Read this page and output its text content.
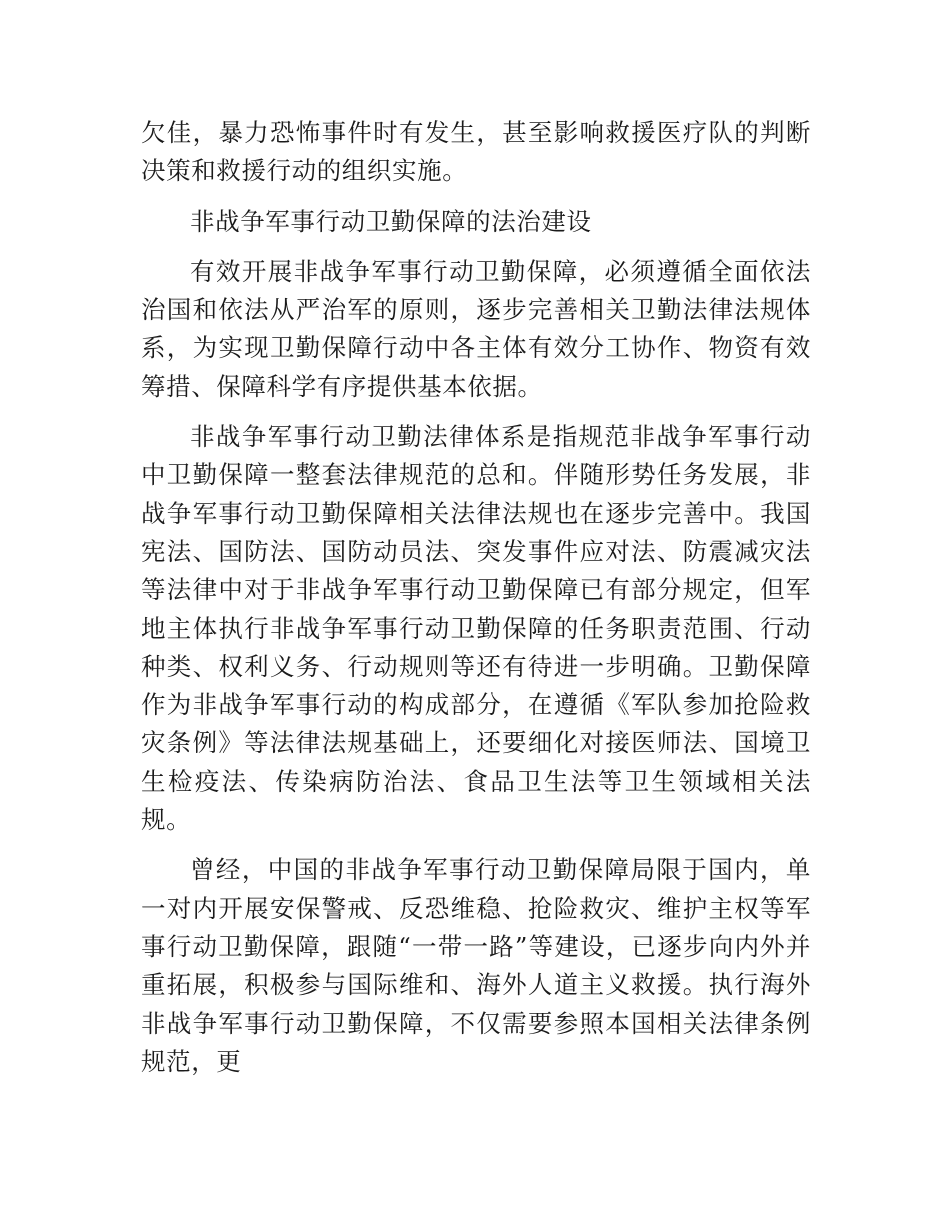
欠佳，暴力恐怖事件时有发生，甚至影响救援医疗队的判断决策和救援行动的组织实施。

非战争军事行动卫勤保障的法治建设

有效开展非战争军事行动卫勤保障，必须遵循全面依法治国和依法从严治军的原则，逐步完善相关卫勤法律法规体系，为实现卫勤保障行动中各主体有效分工协作、物资有效筹措、保障科学有序提供基本依据。

非战争军事行动卫勤法律体系是指规范非战争军事行动中卫勤保障一整套法律规范的总和。伴随形势任务发展，非战争军事行动卫勤保障相关法律法规也在逐步完善中。我国宪法、国防法、国防动员法、突发事件应对法、防震减灾法等法律中对于非战争军事行动卫勤保障已有部分规定，但军地主体执行非战争军事行动卫勤保障的任务职责范围、行动种类、权利义务、行动规则等还有待进一步明确。卫勤保障作为非战争军事行动的构成部分，在遵循《军队参加抢险救灾条例》等法律法规基础上，还要细化对接医师法、国境卫生检疫法、传染病防治法、食品卫生法等卫生领域相关法规。

曾经，中国的非战争军事行动卫勤保障局限于国内，单一对内开展安保警戒、反恐维稳、抢险救灾、维护主权等军事行动卫勤保障，跟随“一带一路”等建设，已逐步向内外并重拓展，积极参与国际维和、海外人道主义救援。执行海外非战争军事行动卫勤保障，不仅需要参照本国相关法律条例规范，更
